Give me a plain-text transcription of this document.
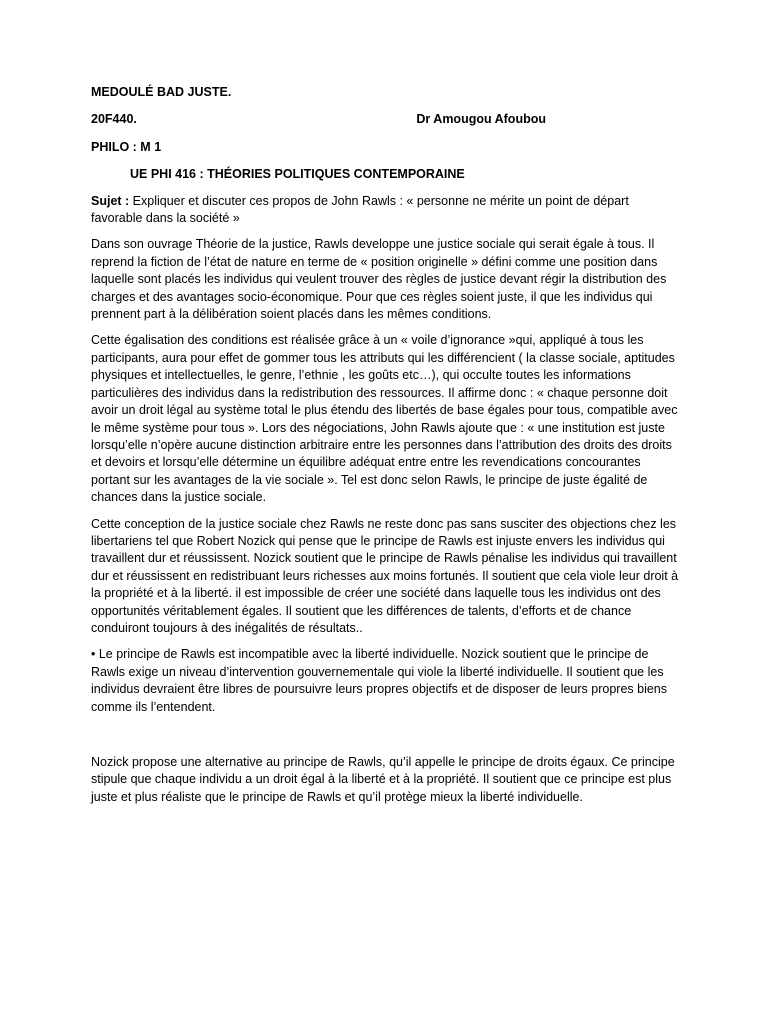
MEDOULÉ BAD JUSTE.
20F440.	Dr Amougou Afoubou
PHILO : M 1
UE PHI 416 : THÉORIES POLITIQUES CONTEMPORAINE

Sujet : Expliquer et discuter ces propos de John Rawls : « personne ne mérite un point de départ favorable dans la société »

Dans son ouvrage Théorie de la justice, Rawls developpe une justice sociale qui serait égale à tous. Il reprend la fiction de l’état de nature en terme de « position originelle » défini comme une position dans laquelle sont placés les individus qui veulent trouver des règles de justice devant régir la distribution des charges et des avantages socio-économique. Pour que ces règles soient juste, il que les individus qui prennent part à la délibération soient placés dans les mêmes conditions.

Cette égalisation des conditions est réalisée grâce à un « voile d’ignorance »qui, appliqué à tous les participants, aura pour effet de gommer tous les attributs qui les différencient ( la classe sociale, aptitudes physiques et intellectuelles, le genre, l’ethnie , les goûts etc…), qui occulte toutes les informations particulières des individus dans la redistribution des ressources. Il affirme donc : « chaque personne doit avoir un droit légal au système total le plus étendu des libertés de base égales pour tous, compatible avec le même système pour tous ». Lors des négociations, John Rawls ajoute que : « une institution est juste lorsqu’elle n’opère aucune distinction arbitraire entre les personnes dans l’attribution des droits des droits et devoirs et lorsqu’elle détermine un équilibre adéquat entre entre les revendications concourantes portant sur les avantages de la vie sociale ». Tel est donc selon Rawls, le principe de juste égalité de chances dans la justice sociale.

Cette conception de la justice sociale chez Rawls ne reste donc pas sans susciter des objections chez les libertariens tel que Robert Nozick qui pense que le principe de Rawls est injuste envers les individus qui travaillent dur et réussissent. Nozick soutient que le principe de Rawls pénalise les individus qui travaillent dur et réussissent en redistribuant leurs richesses aux moins fortunés. Il soutient que cela viole leur droit à la propriété et à la liberté. il est impossible de créer une société dans laquelle tous les individus ont des opportunités véritablement égales. Il soutient que les différences de talents, d’efforts et de chance conduiront toujours à des inégalités de résultats..

• Le principe de Rawls est incompatible avec la liberté individuelle. Nozick soutient que le principe de Rawls exige un niveau d’intervention gouvernementale qui viole la liberté individuelle. Il soutient que les individus devraient être libres de poursuivre leurs propres objectifs et de disposer de leurs propres biens comme ils l’entendent.

Nozick propose une alternative au principe de Rawls, qu’il appelle le principe de droits égaux. Ce principe stipule que chaque individu a un droit égal à la liberté et à la propriété. Il soutient que ce principe est plus juste et plus réaliste que le principe de Rawls et qu’il protège mieux la liberté individuelle.
